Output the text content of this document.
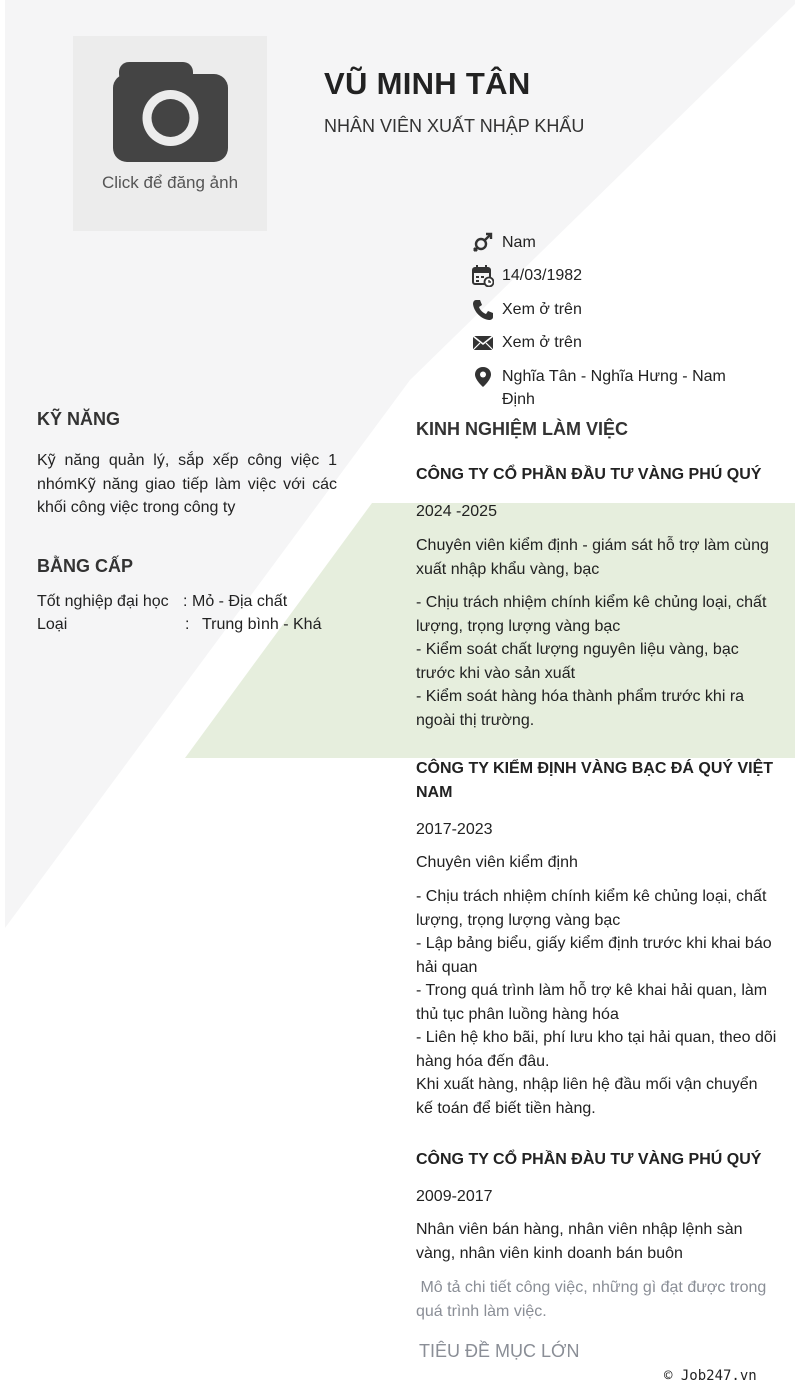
Click để đăng ảnh
VŨ MINH TÂN
NHÂN VIÊN XUẤT NHẬP KHẨU
Nam
14/03/1982
Xem ở trên
Xem ở trên
Nghĩa Tân - Nghĩa Hưng - Nam Định
KỸ NĂNG
Kỹ năng quản lý, sắp xếp công việc 1 nhómKỹ năng giao tiếp làm việc với các khối công việc trong công ty
BẰNG CẤP
Tốt nghiệp đại học : Mỏ - Địa chất
Loại	: Trung bình - Khá
KINH NGHIỆM LÀM VIỆC
CÔNG TY CỔ PHẦN ĐẦU TƯ VÀNG PHÚ QUÝ
2024 -2025
Chuyên viên kiểm định - giám sát hỗ trợ làm cùng xuất nhập khẩu vàng, bạc
- Chịu trách nhiệm chính kiểm kê chủng loại, chất lượng, trọng lượng vàng bạc
- Kiểm soát chất lượng nguyên liệu vàng, bạc trước khi vào sản xuất
- Kiểm soát hàng hóa thành phẩm trước khi ra ngoài thị trường.
CÔNG TY KIỂM ĐỊNH VÀNG BẠC ĐÁ QUÝ VIỆT NAM
2017-2023
Chuyên viên kiểm định
- Chịu trách nhiệm chính kiểm kê chủng loại, chất lượng, trọng lượng vàng bạc
- Lập bảng biểu, giấy kiểm định trước khi khai báo hải quan
- Trong quá trình làm hỗ trợ kê khai hải quan, làm thủ tục phân luồng hàng hóa
- Liên hệ kho bãi, phí lưu kho tại hải quan, theo dõi hàng hóa đến đâu.
Khi xuất hàng, nhập liên hệ đầu mối vận chuyển kế toán để biết tiền hàng.
CÔNG TY CỔ PHẦN ĐÀU TƯ VÀNG PHÚ QUÝ
2009-2017
Nhân viên bán hàng, nhân viên nhập lệnh sàn vàng, nhân viên kinh doanh bán buôn
Mô tả chi tiết công việc, những gì đạt được trong quá trình làm việc.
TIÊU ĐỀ MỤC LỚN
© Job247.vn
